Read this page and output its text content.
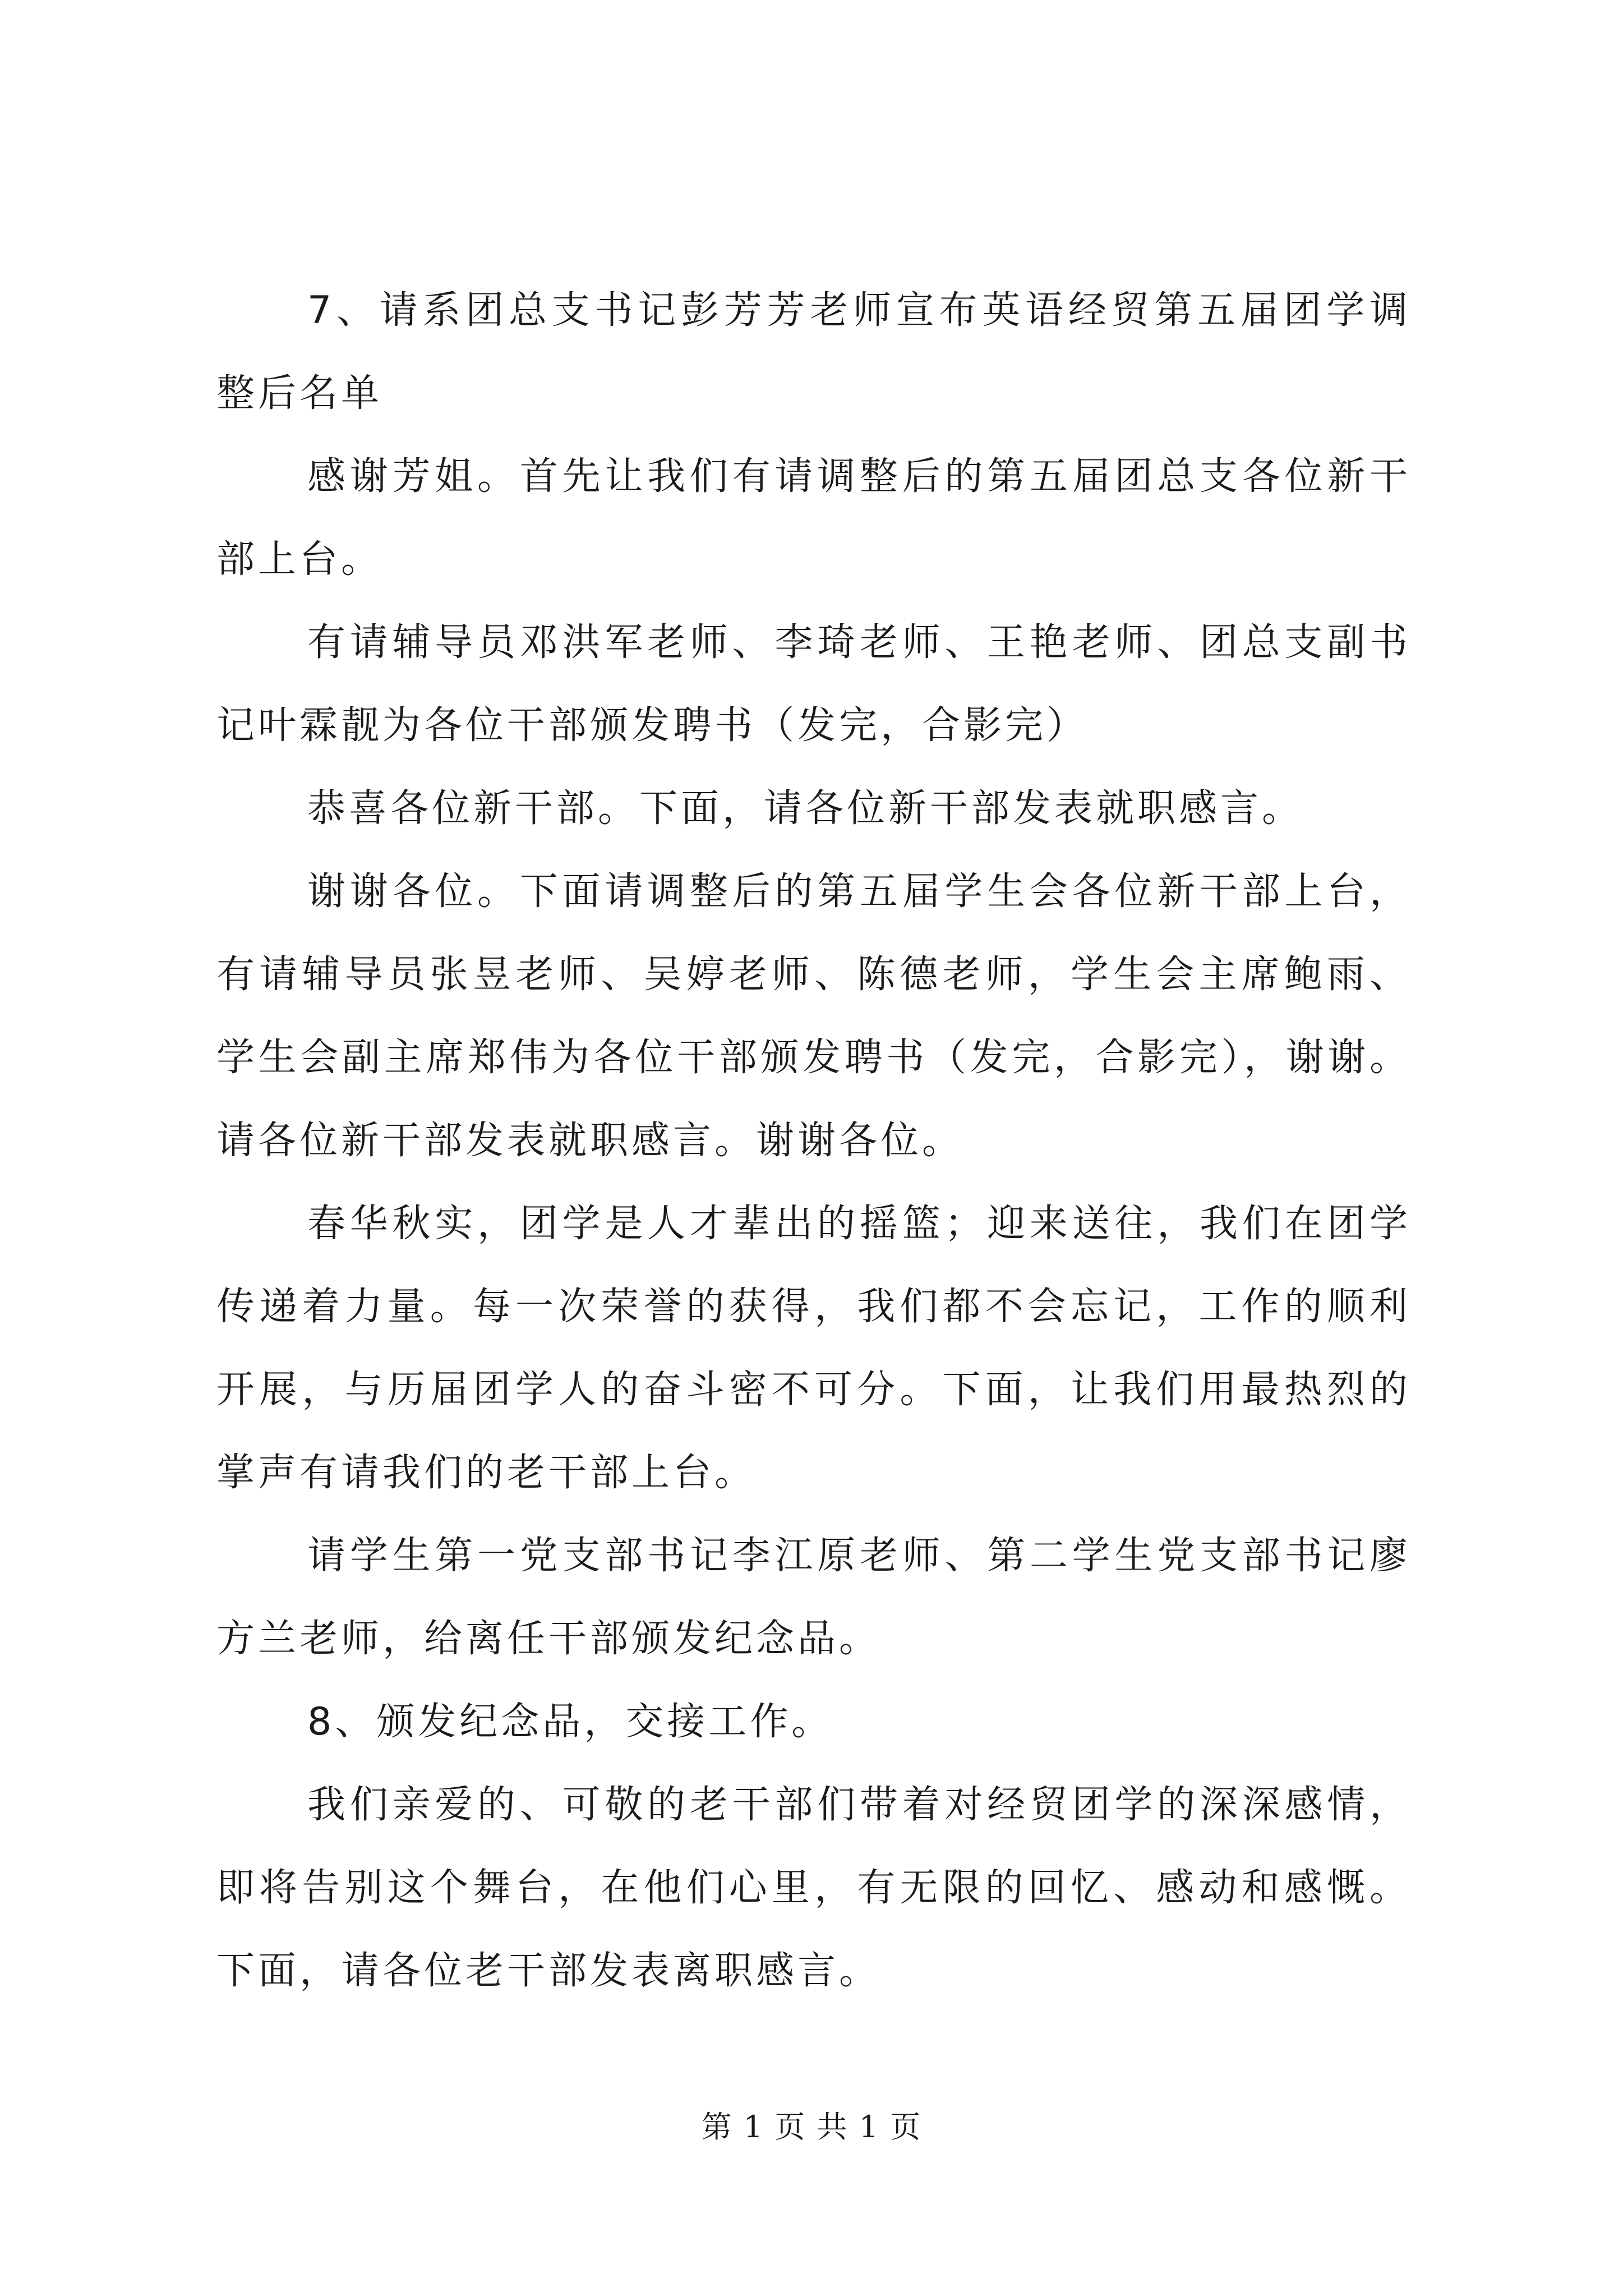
7、请系团总支书记彭芳芳老师宣布英语经贸第五届团学调整后名单

感谢芳姐。首先让我们有请调整后的第五届团总支各位新干部上台。

有请辅导员邓洪军老师、李琦老师、王艳老师、团总支副书记叶霖靓为各位干部颁发聘书（发完，合影完）

恭喜各位新干部。下面，请各位新干部发表就职感言。

谢谢各位。下面请调整后的第五届学生会各位新干部上台，有请辅导员张昱老师、吴婷老师、陈德老师，学生会主席鲍雨、学生会副主席郑伟为各位干部颁发聘书（发完，合影完），谢谢。请各位新干部发表就职感言。谢谢各位。

春华秋实，团学是人才辈出的摇篮；迎来送往，我们在团学传递着力量。每一次荣誉的获得，我们都不会忘记，工作的顺利开展，与历届团学人的奋斗密不可分。下面，让我们用最热烈的掌声有请我们的老干部上台。

请学生第一党支部书记李江原老师、第二学生党支部书记廖方兰老师，给离任干部颁发纪念品。

8、颁发纪念品，交接工作。

我们亲爱的、可敬的老干部们带着对经贸团学的深深感情，即将告别这个舞台，在他们心里，有无限的回忆、感动和感慨。下面，请各位老干部发表离职感言。

第 1 页 共 1 页
